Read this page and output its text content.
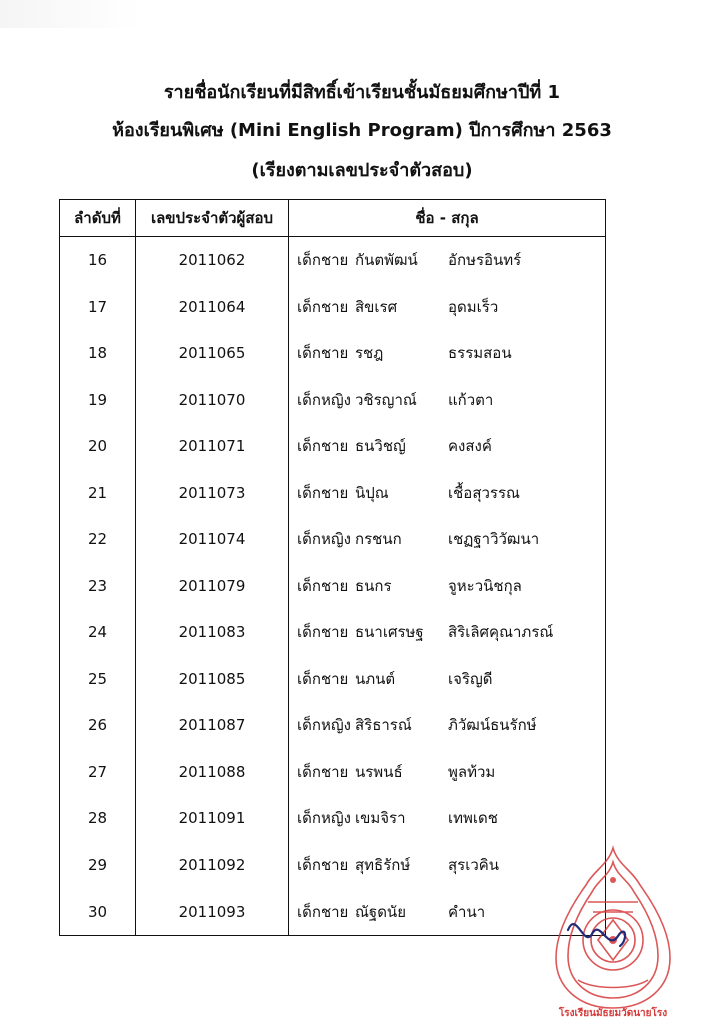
รายชื่อนักเรียนที่มีสิทธิ์เข้าเรียนชั้นมัธยมศึกษาปีที่ 1
ห้องเรียนพิเศษ (Mini English Program) ปีการศึกษา 2563
(เรียงตามเลขประจำตัวสอบ)
ลำดับที่	เลขประจำตัวผู้สอบ	ชื่อ - สกุล
16	2011062	เด็กชาย กันตพัฒน์ อักษรอินทร์
17	2011064	เด็กชาย สิขเรศ อุดมเร็ว
18	2011065	เด็กชาย รชฎ ธรรมสอน
19	2011070	เด็กหญิง วชิรญาณ์ แก้วตา
20	2011071	เด็กชาย ธนวิชญ์ คงสงค์
21	2011073	เด็กชาย นิปุณ เชื้อสุวรรณ
22	2011074	เด็กหญิง กรชนก เชฏฐาวิวัฒนา
23	2011079	เด็กชาย ธนกร จูหะวนิชกุล
24	2011083	เด็กชาย ธนาเศรษฐ สิริเลิศคุณาภรณ์
25	2011085	เด็กชาย นภนต์ เจริญดี
26	2011087	เด็กหญิง สิริธารณ์ ภิวัฒน์ธนรักษ์
27	2011088	เด็กชาย นรพนธ์ พูลท้วม
28	2011091	เด็กหญิง เขมจิรา เทพเดช
29	2011092	เด็กชาย สุทธิรักษ์ สุรเวคิน
30	2011093	เด็กชาย ณัฐดนัย คำนา
โรงเรียนมัธยมวัดนายโรง
